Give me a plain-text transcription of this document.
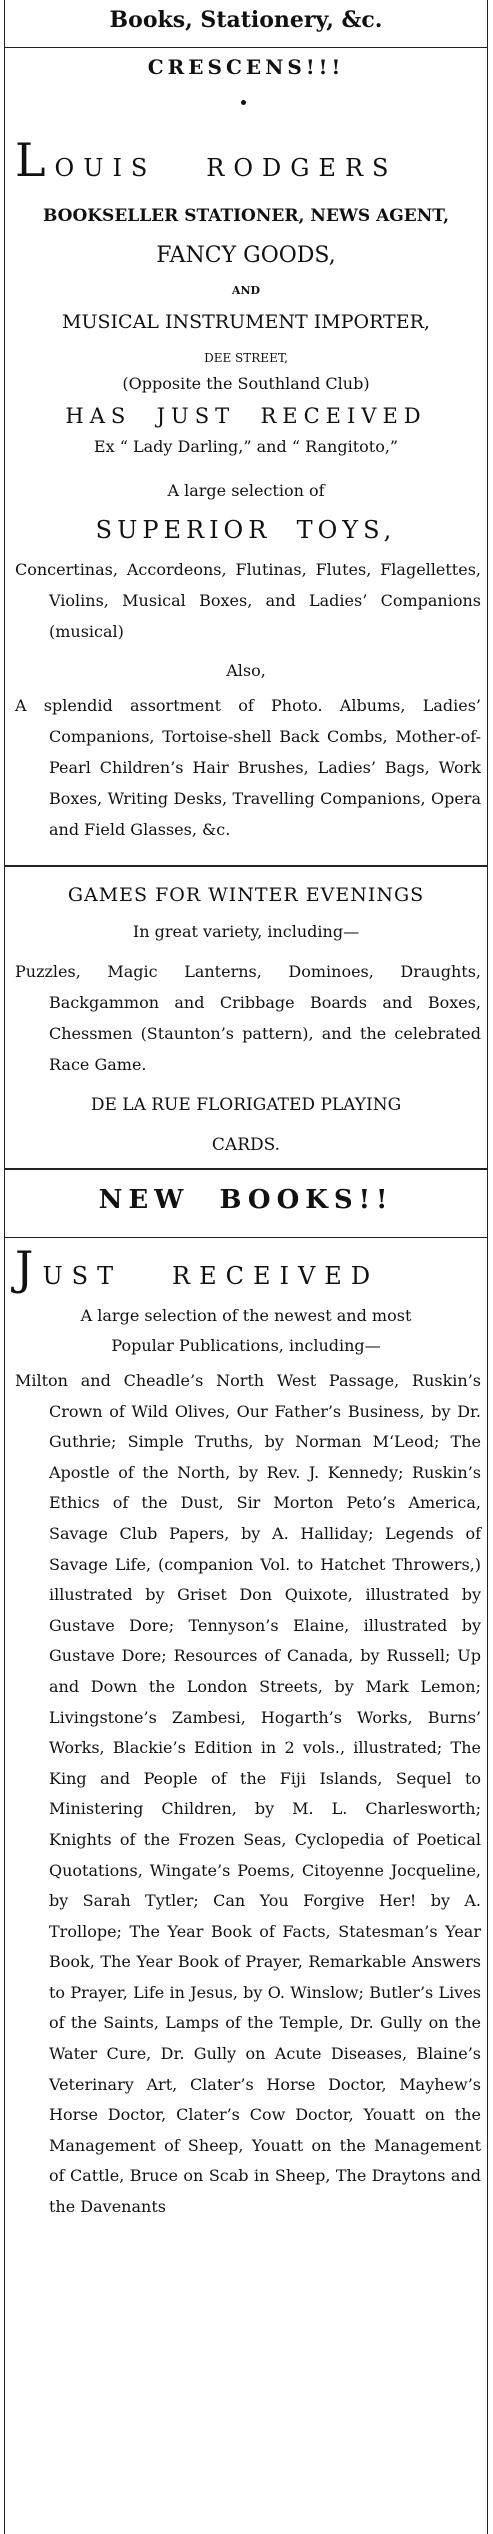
Books, Stationery, &c.
CRESCENS!!!
LOUIS   RODGERS
BOOKSELLER STATIONER, NEWS AGENT,
FANCY GOODS,
AND
MUSICAL INSTRUMENT IMPORTER,
DEE STREET,
(Opposite the Southland Club)
HAS  JUST  RECEIVED
Ex “ Lady Darling,” and “ Rangitoto,”
A large selection of
SUPERIOR  TOYS,
Concertinas, Accordeons, Flutinas, Flutes, Flagellettes, Violins, Musical Boxes, and Ladies’ Companions (musical)
Also,
A splendid assortment of Photo. Albums, Ladies’ Companions, Tortoise-shell Back Combs, Mother-of-Pearl Children’s Hair Brushes, Ladies’ Bags, Work Boxes, Writing Desks, Travelling Companions, Opera and Field Glasses, &c.
GAMES FOR WINTER EVENINGS
In great variety, including—
Puzzles, Magic Lanterns, Dominoes, Draughts, Backgammon and Cribbage Boards and Boxes, Chessmen (Staunton’s pattern), and the celebrated Race Game.
DE LA RUE FLORIGATED PLAYING
CARDS.
NEW  BOOKS!!
JUST   RECEIVED
A large selection of the newest and most
Popular Publications, including—
Milton and Cheadle’s North West Passage, Ruskin’s Crown of Wild Olives, Our Father’s Business, by Dr. Guthrie; Simple Truths, by Norman M‘Leod; The Apostle of the North, by Rev. J. Kennedy; Ruskin’s Ethics of the Dust, Sir Morton Peto’s America, Savage Club Papers, by A. Halliday; Legends of Savage Life, (companion Vol. to Hatchet Throwers,) illustrated by Griset Don Quixote, illustrated by Gustave Dore; Tennyson’s Elaine, illustrated by Gustave Dore; Resources of Canada, by Russell; Up and Down the London Streets, by Mark Lemon; Livingstone’s Zambesi, Hogarth’s Works, Burns’ Works, Blackie’s Edition in 2 vols., illustrated; The King and People of the Fiji Islands, Sequel to Ministering Children, by M. L. Charlesworth; Knights of the Frozen Seas, Cyclopedia of Poetical Quotations, Wingate’s Poems, Citoyenne Jocqueline, by Sarah Tytler; Can You Forgive Her! by A. Trollope; The Year Book of Facts, Statesman’s Year Book, The Year Book of Prayer, Remarkable Answers to Prayer, Life in Jesus, by O. Winslow; Butler’s Lives of the Saints, Lamps of the Temple, Dr. Gully on the Water Cure, Dr. Gully on Acute Diseases, Blaine’s Veterinary Art, Clater’s Horse Doctor, Mayhew’s Horse Doctor, Clater’s Cow Doctor, Youatt on the Management of Sheep, Youatt on the Management of Cattle, Bruce on Scab in Sheep, The Draytons and the Davenants
